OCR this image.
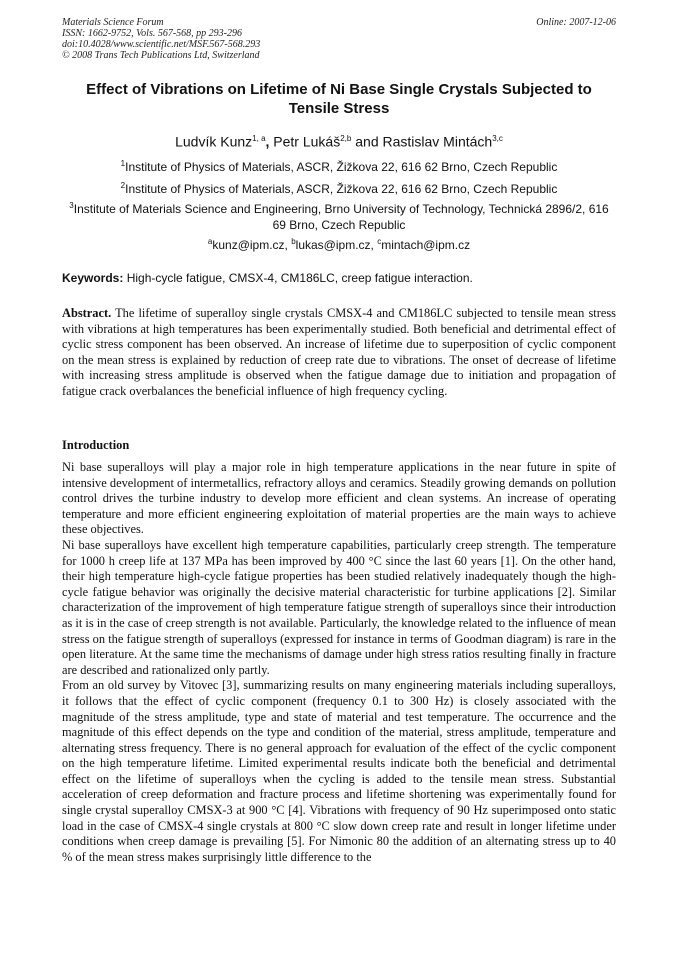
Materials Science Forum
ISSN: 1662-9752, Vols. 567-568, pp 293-296
doi:10.4028/www.scientific.net/MSF.567-568.293
© 2008 Trans Tech Publications Ltd, Switzerland
Online: 2007-12-06
Effect of Vibrations on Lifetime of Ni Base Single Crystals Subjected to Tensile Stress
Ludvík Kunz$^{1, a}$, Petr Lukáš$^{2,b}$ and Rastislav Mintách$^{3,c}$
$^1$Institute of Physics of Materials, ASCR, Žižkova 22, 616 62 Brno, Czech Republic
$^2$Institute of Physics of Materials, ASCR, Žižkova 22, 616 62 Brno, Czech Republic
$^3$Institute of Materials Science and Engineering, Brno University of Technology, Technická 2896/2, 616 69 Brno, Czech Republic
$^a$kunz@ipm.cz, $^b$lukas@ipm.cz, $^c$mintach@ipm.cz
Keywords: High-cycle fatigue, CMSX-4, CM186LC, creep fatigue interaction.
Abstract. The lifetime of superalloy single crystals CMSX-4 and CM186LC subjected to tensile mean stress with vibrations at high temperatures has been experimentally studied. Both beneficial and detrimental effect of cyclic stress component has been observed. An increase of lifetime due to superposition of cyclic component on the mean stress is explained by reduction of creep rate due to vibrations. The onset of decrease of lifetime with increasing stress amplitude is observed when the fatigue damage due to initiation and propagation of fatigue crack overbalances the beneficial influence of high frequency cycling.
Introduction

Ni base superalloys will play a major role in high temperature applications in the near future in spite of intensive development of intermetallics, refractory alloys and ceramics. Steadily growing demands on pollution control drives the turbine industry to develop more efficient and clean systems. An increase of operating temperature and more efficient engineering exploitation of material properties are the main ways to achieve these objectives.

Ni base superalloys have excellent high temperature capabilities, particularly creep strength. The temperature for 1000 h creep life at 137 MPa has been improved by 400 °C since the last 60 years [1]. On the other hand, their high temperature high-cycle fatigue properties has been studied relatively inadequately though the high-cycle fatigue behavior was originally the decisive material characteristic for turbine applications [2]. Similar characterization of the improvement of high temperature fatigue strength of superalloys since their introduction as it is in the case of creep strength is not available. Particularly, the knowledge related to the influence of mean stress on the fatigue strength of superalloys (expressed for instance in terms of Goodman diagram) is rare in the open literature. At the same time the mechanisms of damage under high stress ratios resulting finally in fracture are described and rationalized only partly.

From an old survey by Vitovec [3], summarizing results on many engineering materials including superalloys, it follows that the effect of cyclic component (frequency 0.1 to 300 Hz) is closely associated with the magnitude of the stress amplitude, type and state of material and test temperature. The occurrence and the magnitude of this effect depends on the type and condition of the material, stress amplitude, temperature and alternating stress frequency. There is no general approach for evaluation of the effect of the cyclic component on the high temperature lifetime. Limited experimental results indicate both the beneficial and detrimental effect on the lifetime of superalloys when the cycling is added to the tensile mean stress. Substantial acceleration of creep deformation and fracture process and lifetime shortening was experimentally found for single crystal superalloy CMSX-3 at 900 °C [4]. Vibrations with frequency of 90 Hz superimposed onto static load in the case of CMSX-4 single crystals at 800 °C slow down creep rate and result in longer lifetime under conditions when creep damage is prevailing [5]. For Nimonic 80 the addition of an alternating stress up to 40 % of the mean stress makes surprisingly little difference to the
